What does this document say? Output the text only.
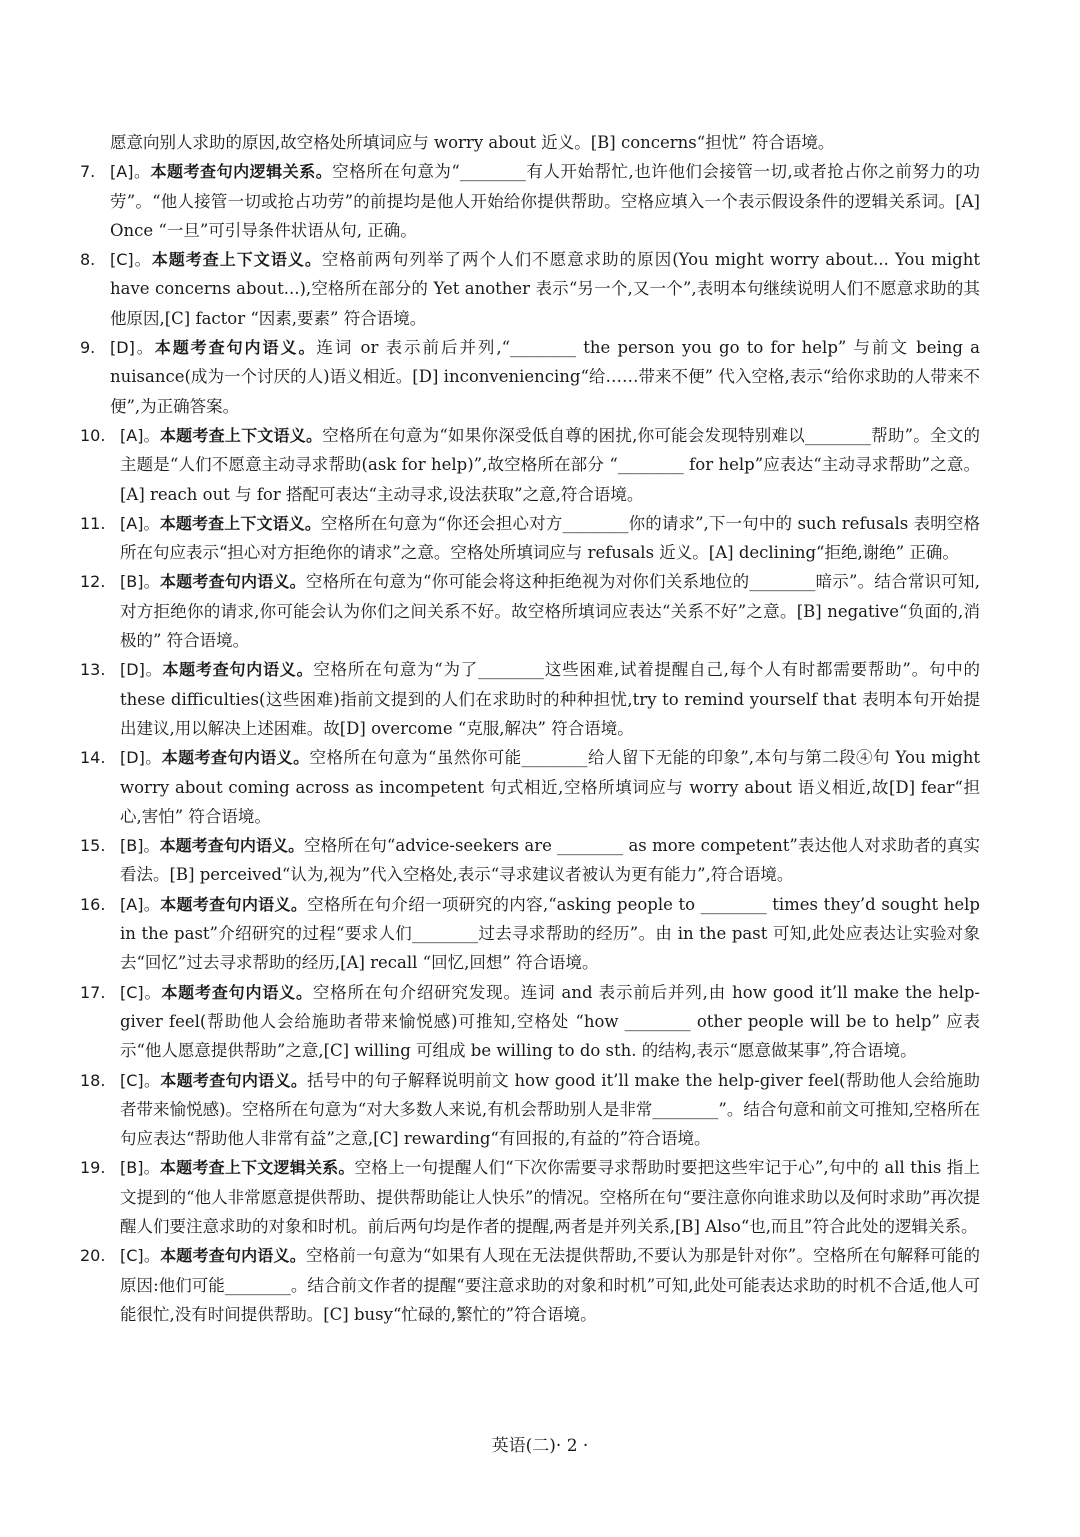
愿意向别人求助的原因,故空格处所填词应与 worry about 近义。[B] concerns“担忧” 符合语境。
7. [A]。本题考查句内逻辑关系。空格所在句意为“________有人开始帮忙,也许他们会接管一切,或者抢占你之前努力的功劳”。“他人接管一切或抢占功劳”的前提均是他人开始给你提供帮助。空格应填入一个表示假设条件的逻辑关系词。[A] Once “一旦”可引导条件状语从句, 正确。
8. [C]。本题考查上下文语义。空格前两句列举了两个人们不愿意求助的原因(You might worry about... You might have concerns about...),空格所在部分的 Yet another 表示“另一个,又一个”,表明本句继续说明人们不愿意求助的其他原因,[C] factor “因素,要素” 符合语境。
9. [D]。本题考查句内语义。连词 or 表示前后并列,“________ the person you go to for help” 与前文 being a nuisance(成为一个讨厌的人)语义相近。[D] inconveniencing“给……带来不便” 代入空格,表示“给你求助的人带来不便”,为正确答案。
10. [A]。本题考查上下文语义。空格所在句意为“如果你深受低自尊的困扰,你可能会发现特别难以________帮助”。全文的主题是“人们不愿意主动寻求帮助(ask for help)”,故空格所在部分 “________ for help”应表达“主动寻求帮助”之意。[A] reach out 与 for 搭配可表达“主动寻求,设法获取”之意,符合语境。
11. [A]。本题考查上下文语义。空格所在句意为“你还会担心对方________你的请求”,下一句中的 such refusals 表明空格所在句应表示“担心对方拒绝你的请求”之意。空格处所填词应与 refusals 近义。[A] declining“拒绝,谢绝” 正确。
12. [B]。本题考查句内语义。空格所在句意为“你可能会将这种拒绝视为对你们关系地位的________暗示”。结合常识可知,对方拒绝你的请求,你可能会认为你们之间关系不好。故空格所填词应表达“关系不好”之意。[B] negative“负面的,消极的” 符合语境。
13. [D]。本题考查句内语义。空格所在句意为“为了________这些困难,试着提醒自己,每个人有时都需要帮助”。句中的 these difficulties(这些困难)指前文提到的人们在求助时的种种担忧,try to remind yourself that 表明本句开始提出建议,用以解决上述困难。故[D] overcome “克服,解决” 符合语境。
14. [D]。本题考查句内语义。空格所在句意为“虽然你可能________给人留下无能的印象”,本句与第二段④句 You might worry about coming across as incompetent 句式相近,空格所填词应与 worry about 语义相近,故[D] fear“担心,害怕” 符合语境。
15. [B]。本题考查句内语义。空格所在句“advice-seekers are ________ as more competent”表达他人对求助者的真实看法。[B] perceived“认为,视为”代入空格处,表示“寻求建议者被认为更有能力”,符合语境。
16. [A]。本题考查句内语义。空格所在句介绍一项研究的内容,“asking people to ________ times they’d sought help in the past”介绍研究的过程“要求人们________过去寻求帮助的经历”。由 in the past 可知,此处应表达让实验对象去“回忆”过去寻求帮助的经历,[A] recall “回忆,回想” 符合语境。
17. [C]。本题考查句内语义。空格所在句介绍研究发现。连词 and 表示前后并列,由 how good it’ll make the help-giver feel(帮助他人会给施助者带来愉悦感)可推知,空格处 “how ________ other people will be to help” 应表示“他人愿意提供帮助”之意,[C] willing 可组成 be willing to do sth. 的结构,表示“愿意做某事”,符合语境。
18. [C]。本题考查句内语义。括号中的句子解释说明前文 how good it’ll make the help-giver feel(帮助他人会给施助者带来愉悦感)。空格所在句意为“对大多数人来说,有机会帮助别人是非常________”。结合句意和前文可推知,空格所在句应表达“帮助他人非常有益”之意,[C] rewarding“有回报的,有益的”符合语境。
19. [B]。本题考查上下文逻辑关系。空格上一句提醒人们“下次你需要寻求帮助时要把这些牢记于心”,句中的 all this 指上文提到的“他人非常愿意提供帮助、提供帮助能让人快乐”的情况。空格所在句“要注意你向谁求助以及何时求助”再次提醒人们要注意求助的对象和时机。前后两句均是作者的提醒,两者是并列关系,[B] Also“也,而且”符合此处的逻辑关系。
20. [C]。本题考查句内语义。空格前一句意为“如果有人现在无法提供帮助,不要认为那是针对你”。空格所在句解释可能的原因:他们可能________。结合前文作者的提醒“要注意求助的对象和时机”可知,此处可能表达求助的时机不合适,他人可能很忙,没有时间提供帮助。[C] busy“忙碌的,繁忙的”符合语境。
英语(二)· 2 ·
